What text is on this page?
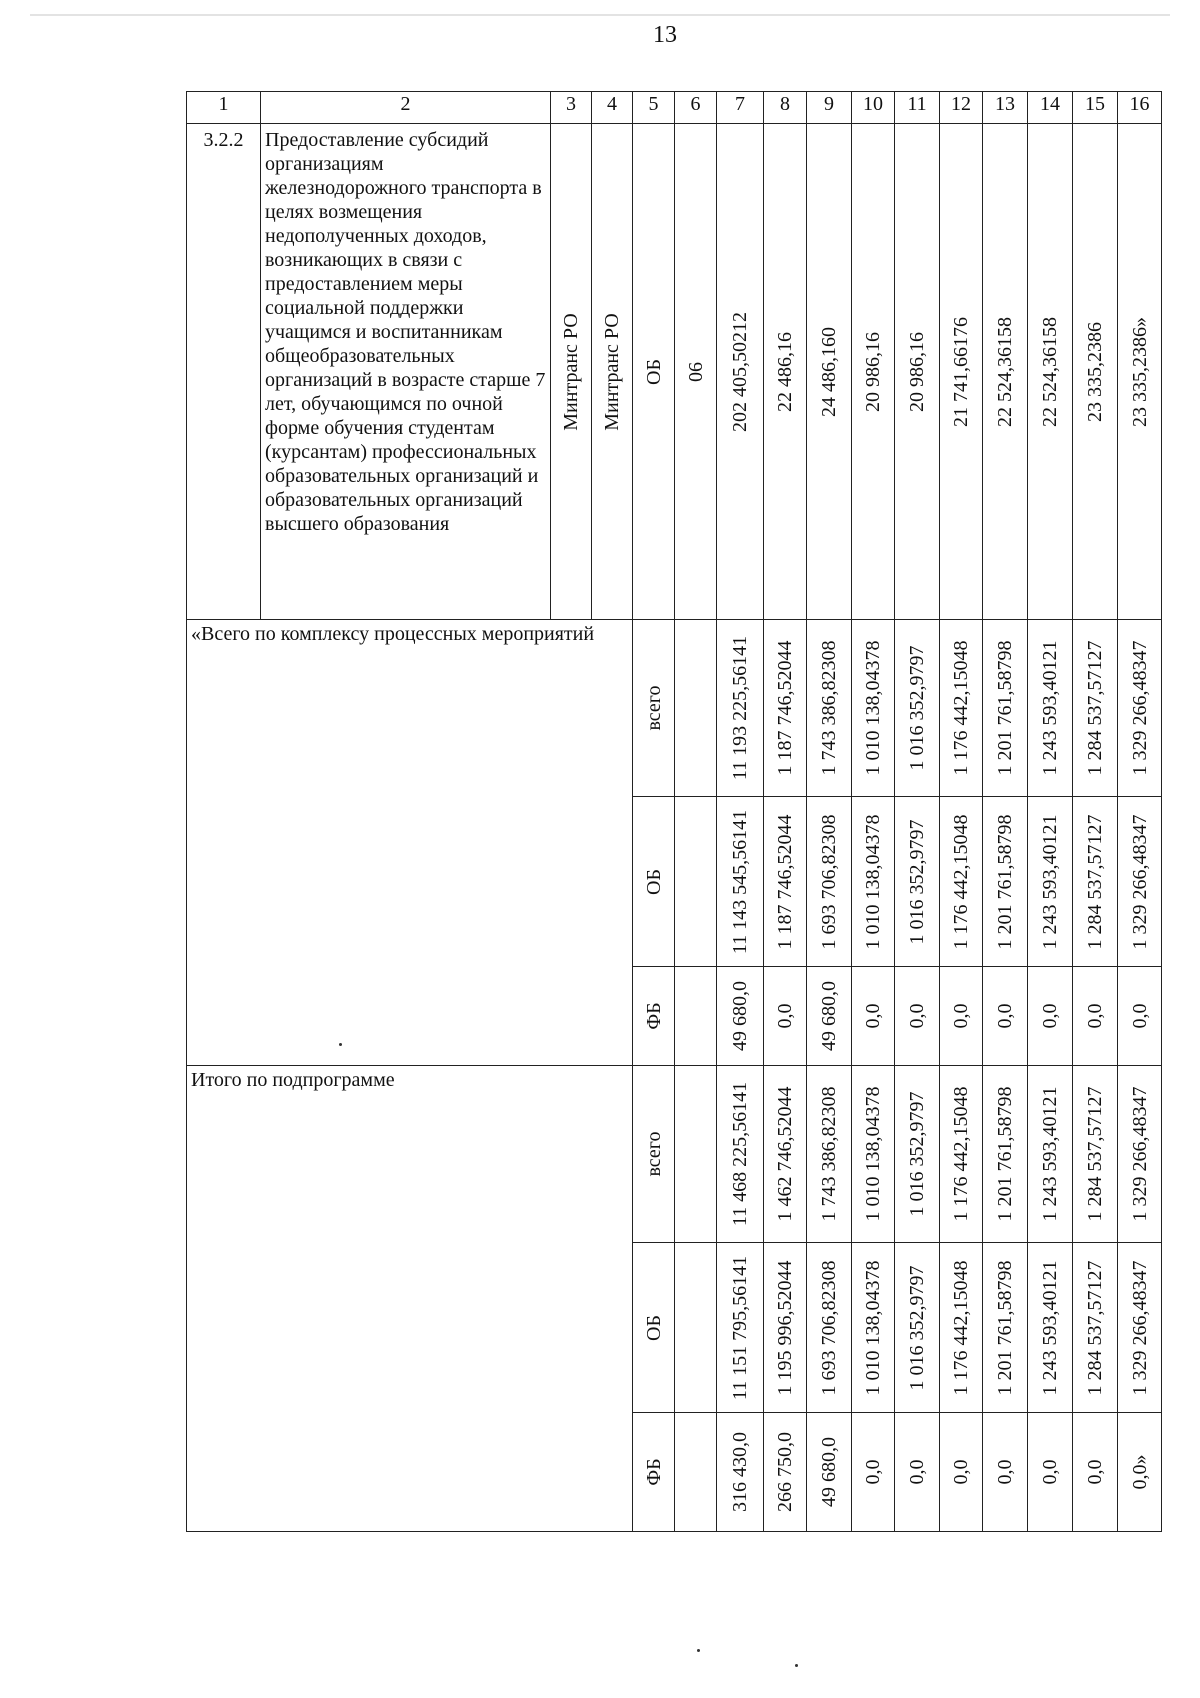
13
1	2	3	4	5	6	7	8	9	10	11	12	13	14	15	16
3.2.2	Предоставление субсидий организациям железнодорожного транспорта в целях возмещения недополученных доходов, возникающих в связи с предоставлением меры социальной поддержки учащимся и воспитанникам общеобразовательных организаций в возрасте старше 7 лет, обучающимся по очной форме обучения студентам (курсантам) профессиональных образовательных организаций и образовательных организаций высшего образования	Минтранс РО	Минтранс РО	ОБ	06	202 405,50212	22 486,16	24 486,160	20 986,16	20 986,16	21 741,66176	22 524,36158	22 524,36158	23 335,2386	23 335,2386»

«Всего по комплексу процессных мероприятий				всего		11 193 225,56141	1 187 746,52044	1 743 386,82308	1 010 138,04378	1 016 352,9797	1 176 442,15048	1 201 761,58798	1 243 593,40121	1 284 537,57127	1 329 266,48347

				ОБ		11 143 545,56141	1 187 746,52044	1 693 706,82308	1 010 138,04378	1 016 352,9797	1 176 442,15048	1 201 761,58798	1 243 593,40121	1 284 537,57127	1 329 266,48347

				ФБ		49 680,0	0,0	49 680,0	0,0	0,0	0,0	0,0	0,0	0,0	0,0

Итого по подпрограмме				всего		11 468 225,56141	1 462 746,52044	1 743 386,82308	1 010 138,04378	1 016 352,9797	1 176 442,15048	1 201 761,58798	1 243 593,40121	1 284 537,57127	1 329 266,48347

				ОБ		11 151 795,56141	1 195 996,52044	1 693 706,82308	1 010 138,04378	1 016 352,9797	1 176 442,15048	1 201 761,58798	1 243 593,40121	1 284 537,57127	1 329 266,48347

				ФБ		316 430,0	266 750,0	49 680,0	0,0	0,0	0,0	0,0	0,0	0,0	0,0»
